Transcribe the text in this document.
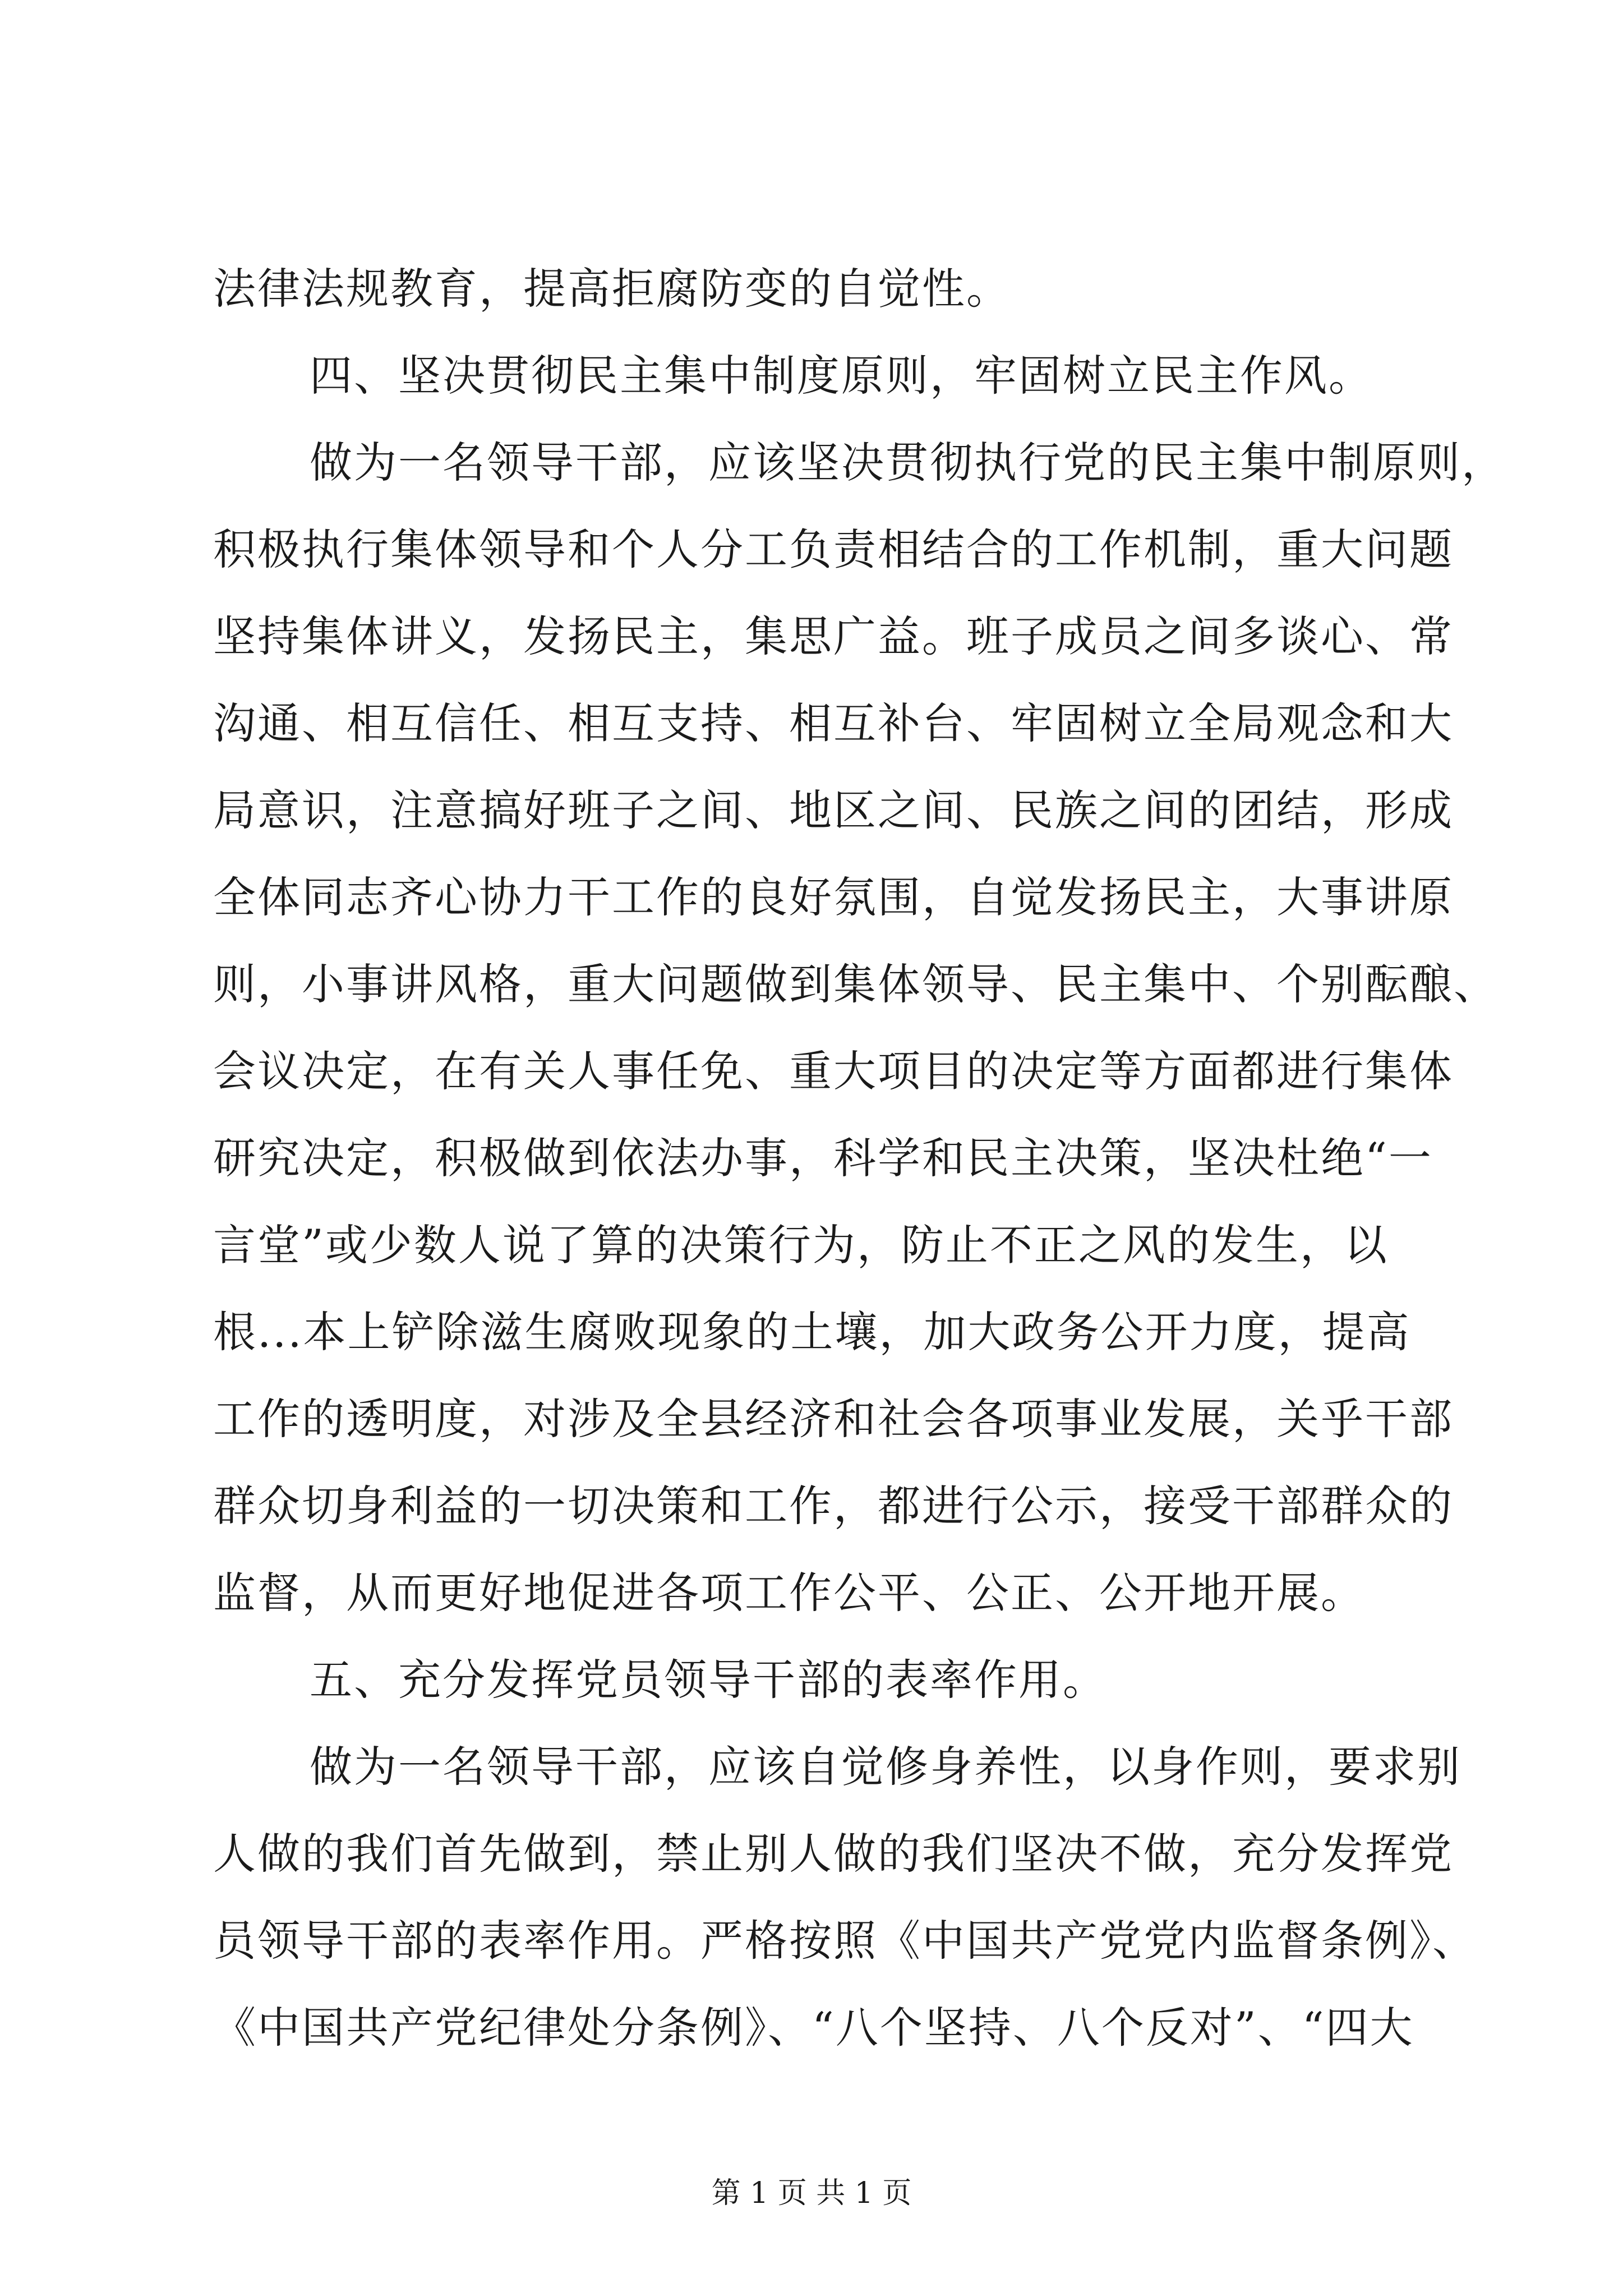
法律法规教育，提高拒腐防变的自觉性。
四、坚决贯彻民主集中制度原则，牢固树立民主作风。
做为一名领导干部，应该坚决贯彻执行党的民主集中制原则，
积极执行集体领导和个人分工负责相结合的工作机制，重大问题
坚持集体讲义，发扬民主，集思广益。班子成员之间多谈心、常
沟通、相互信任、相互支持、相互补台、牢固树立全局观念和大
局意识，注意搞好班子之间、地区之间、民族之间的团结，形成
全体同志齐心协力干工作的良好氛围，自觉发扬民主，大事讲原
则，小事讲风格，重大问题做到集体领导、民主集中、个别酝酿、
会议决定，在有关人事任免、重大项目的决定等方面都进行集体
研究决定，积极做到依法办事，科学和民主决策，坚决杜绝“一
言堂”或少数人说了算的决策行为，防止不正之风的发生，以
根...本上铲除滋生腐败现象的土壤，加大政务公开力度，提高
工作的透明度，对涉及全县经济和社会各项事业发展，关乎干部
群众切身利益的一切决策和工作，都进行公示，接受干部群众的
监督，从而更好地促进各项工作公平、公正、公开地开展。
五、充分发挥党员领导干部的表率作用。
做为一名领导干部，应该自觉修身养性，以身作则，要求别
人做的我们首先做到，禁止别人做的我们坚决不做，充分发挥党
员领导干部的表率作用。严格按照《中国共产党党内监督条例》、
《中国共产党纪律处分条例》、“八个坚持、八个反对”、“四大
第 1 页 共 1 页
